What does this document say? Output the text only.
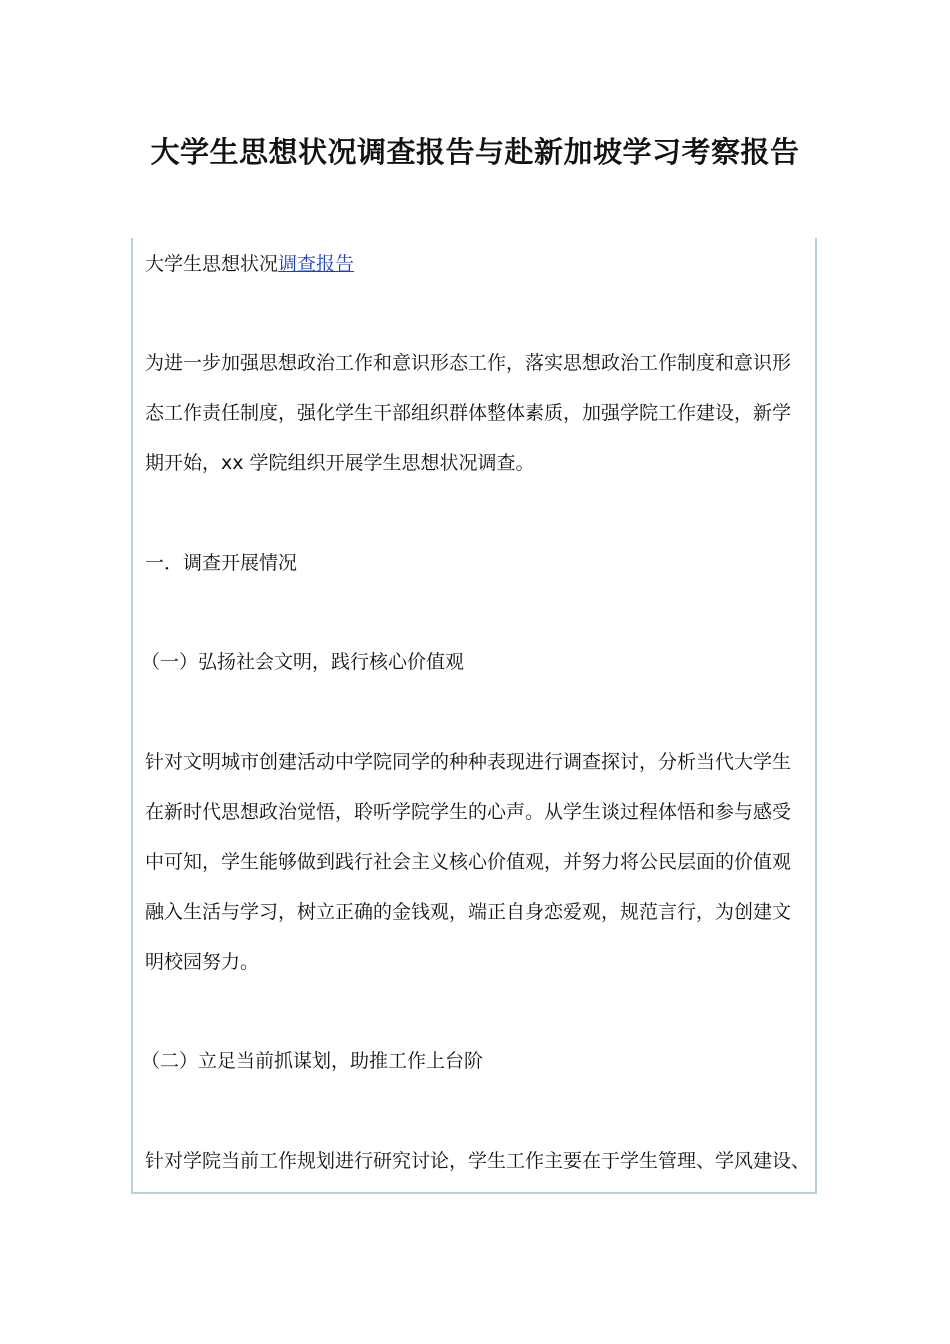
大学生思想状况调查报告与赴新加坡学习考察报告

大学生思想状况调查报告

为进一步加强思想政治工作和意识形态工作，落实思想政治工作制度和意识形

态工作责任制度，强化学生干部组织群体整体素质，加强学院工作建设，新学

期开始，xx 学院组织开展学生思想状况调查。

一．调查开展情况

（一）弘扬社会文明，践行核心价值观

针对文明城市创建活动中学院同学的种种表现进行调查探讨，分析当代大学生

在新时代思想政治觉悟，聆听学院学生的心声。从学生谈过程体悟和参与感受

中可知，学生能够做到践行社会主义核心价值观，并努力将公民层面的价值观

融入生活与学习，树立正确的金钱观，端正自身恋爱观，规范言行，为创建文

明校园努力。

（二）立足当前抓谋划，助推工作上台阶

针对学院当前工作规划进行研究讨论，学生工作主要在于学生管理、学风建设、
